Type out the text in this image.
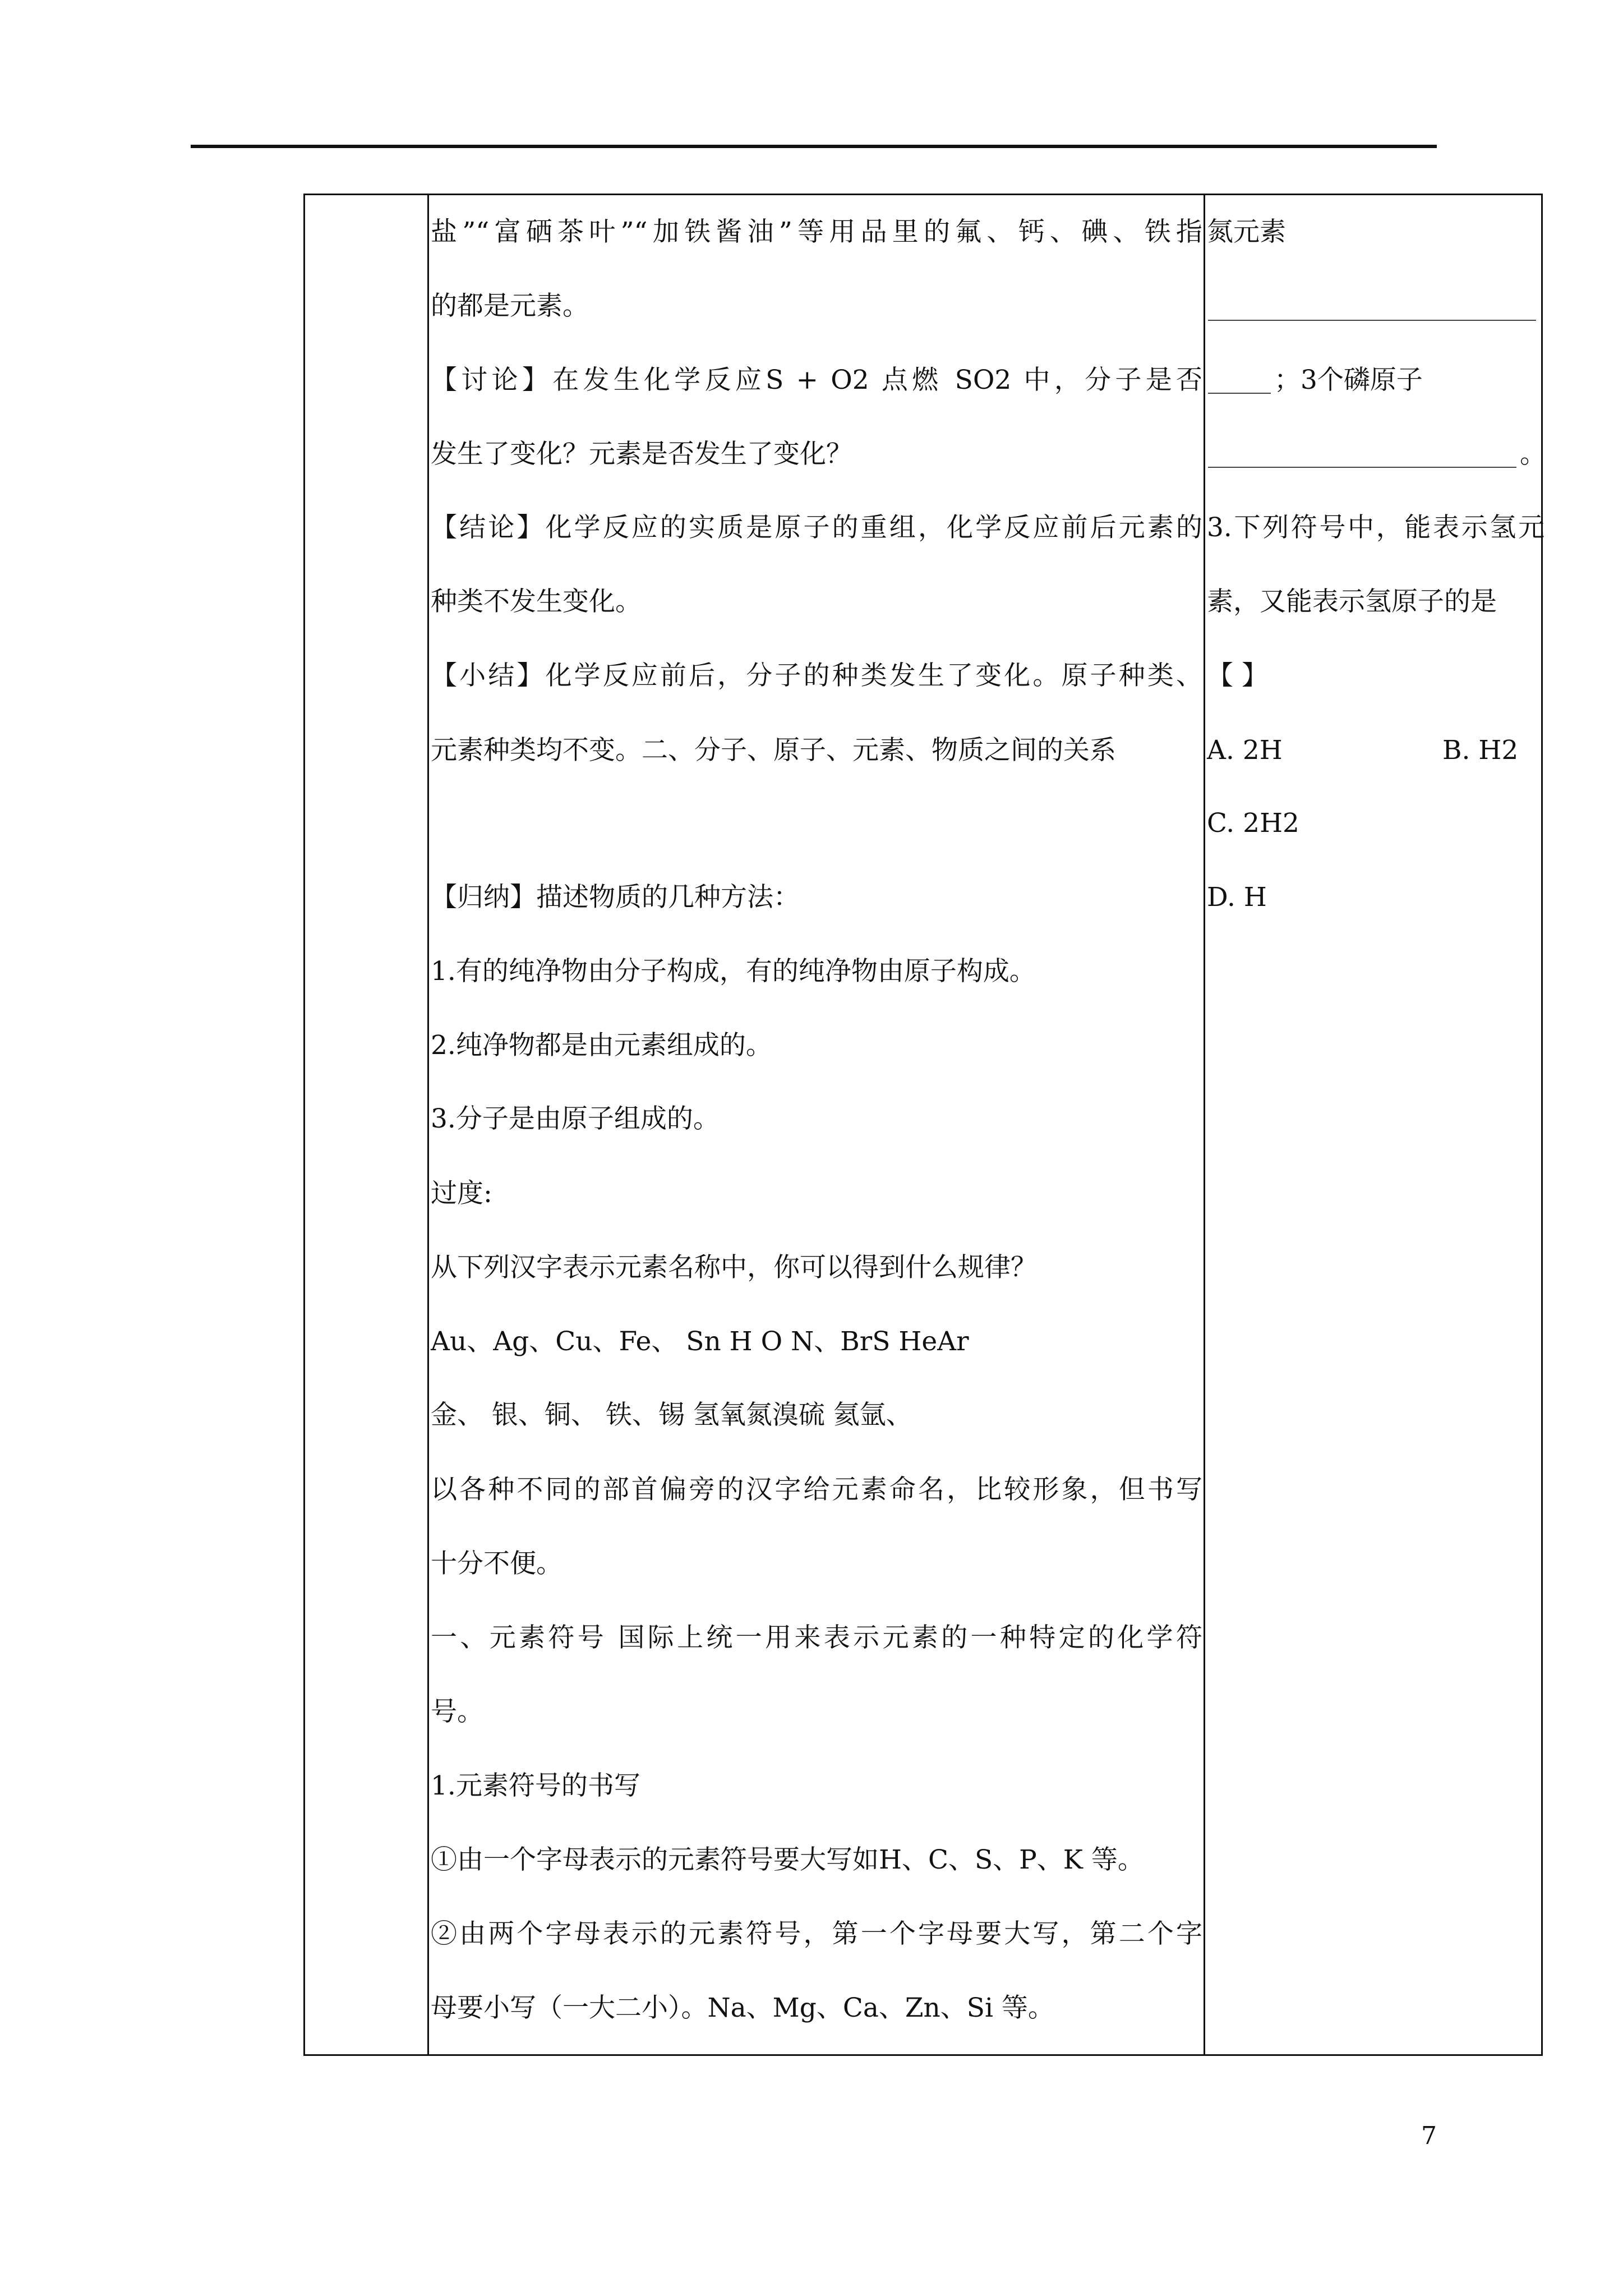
盐”“富硒茶叶”“加铁酱油”等用品里的氟、钙、碘、铁指
的都是元素。
【讨论】在发生化学反应S + O2 点燃 SO2 中，分子是否
发生了变化？元素是否发生了变化？
【结论】化学反应的实质是原子的重组，化学反应前后元素的
种类不发生变化。
【小结】化学反应前后，分子的种类发生了变化。原子种类、
元素种类均不变。二、分子、原子、元素、物质之间的关系
【归纳】描述物质的几种方法：
1.有的纯净物由分子构成，有的纯净物由原子构成。
2.纯净物都是由元素组成的。
3.分子是由原子组成的。
过度:
从下列汉字表示元素名称中，你可以得到什么规律？
Au、Ag、Cu、Fe、 Sn H O N、BrS HeAr
金、 银、铜、 铁、锡 氢氧氮溴硫 氦氩、
以各种不同的部首偏旁的汉字给元素命名，比较形象，但书写
十分不便。
一、元素符号 国际上统一用来表示元素的一种特定的化学符
号。
1.元素符号的书写
①由一个字母表示的元素符号要大写如H、C、S、P、K 等。
②由两个字母表示的元素符号，第一个字母要大写，第二个字
母要小写（一大二小）。Na、Mg、Ca、Zn、Si 等。
氮元素
；3个磷原子
。
3.下列符号中，能表示氢元
素，又能表示氢原子的是
【 】
A. 2H	B. H2
C. 2H2
D. H
7
